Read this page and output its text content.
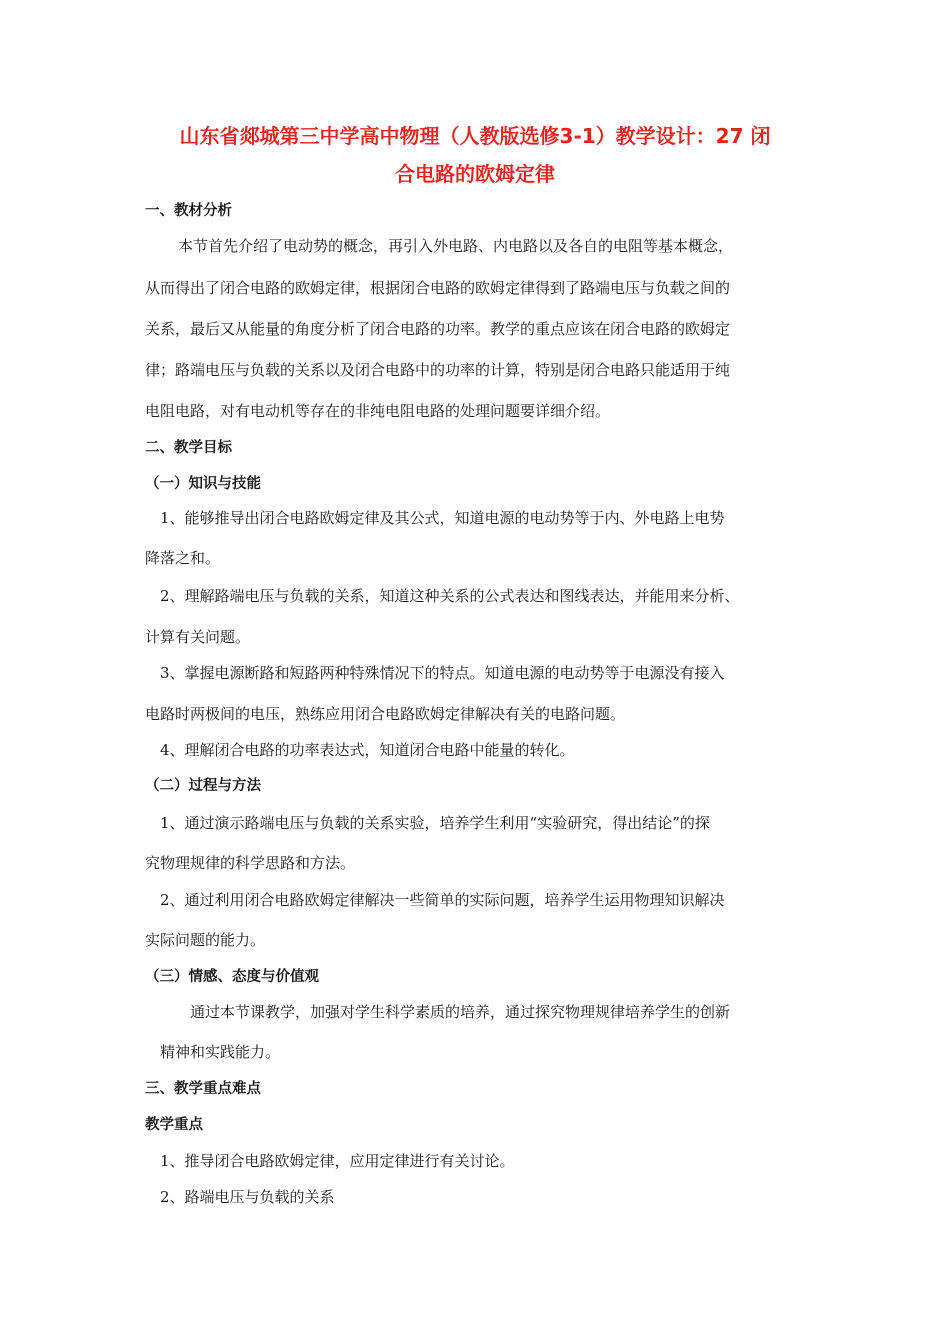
山东省郯城第三中学高中物理（人教版选修3-1）教学设计：27 闭
合电路的欧姆定律
一、教材分析
本节首先介绍了电动势的概念，再引入外电路、内电路以及各自的电阻等基本概念，
从而得出了闭合电路的欧姆定律，根据闭合电路的欧姆定律得到了路端电压与负载之间的
关系，最后又从能量的角度分析了闭合电路的功率。教学的重点应该在闭合电路的欧姆定
律；路端电压与负载的关系以及闭合电路中的功率的计算，特别是闭合电路只能适用于纯
电阻电路，对有电动机等存在的非纯电阻电路的处理问题要详细介绍。
二、教学目标
（一）知识与技能
1、能够推导出闭合电路欧姆定律及其公式，知道电源的电动势等于内、外电路上电势
降落之和。
2、理解路端电压与负载的关系，知道这种关系的公式表达和图线表达，并能用来分析、
计算有关问题。
3、掌握电源断路和短路两种特殊情况下的特点。知道电源的电动势等于电源没有接入
电路时两极间的电压，熟练应用闭合电路欧姆定律解决有关的电路问题。
4、理解闭合电路的功率表达式，知道闭合电路中能量的转化。
（二）过程与方法
1、通过演示路端电压与负载的关系实验，培养学生利用“实验研究，得出结论”的探
究物理规律的科学思路和方法。
2、通过利用闭合电路欧姆定律解决一些简单的实际问题，培养学生运用物理知识解决
实际问题的能力。
（三）情感、态度与价值观
通过本节课教学，加强对学生科学素质的培养，通过探究物理规律培养学生的创新
精神和实践能力。
三、教学重点难点
教学重点
1、推导闭合电路欧姆定律，应用定律进行有关讨论。
2、路端电压与负载的关系
